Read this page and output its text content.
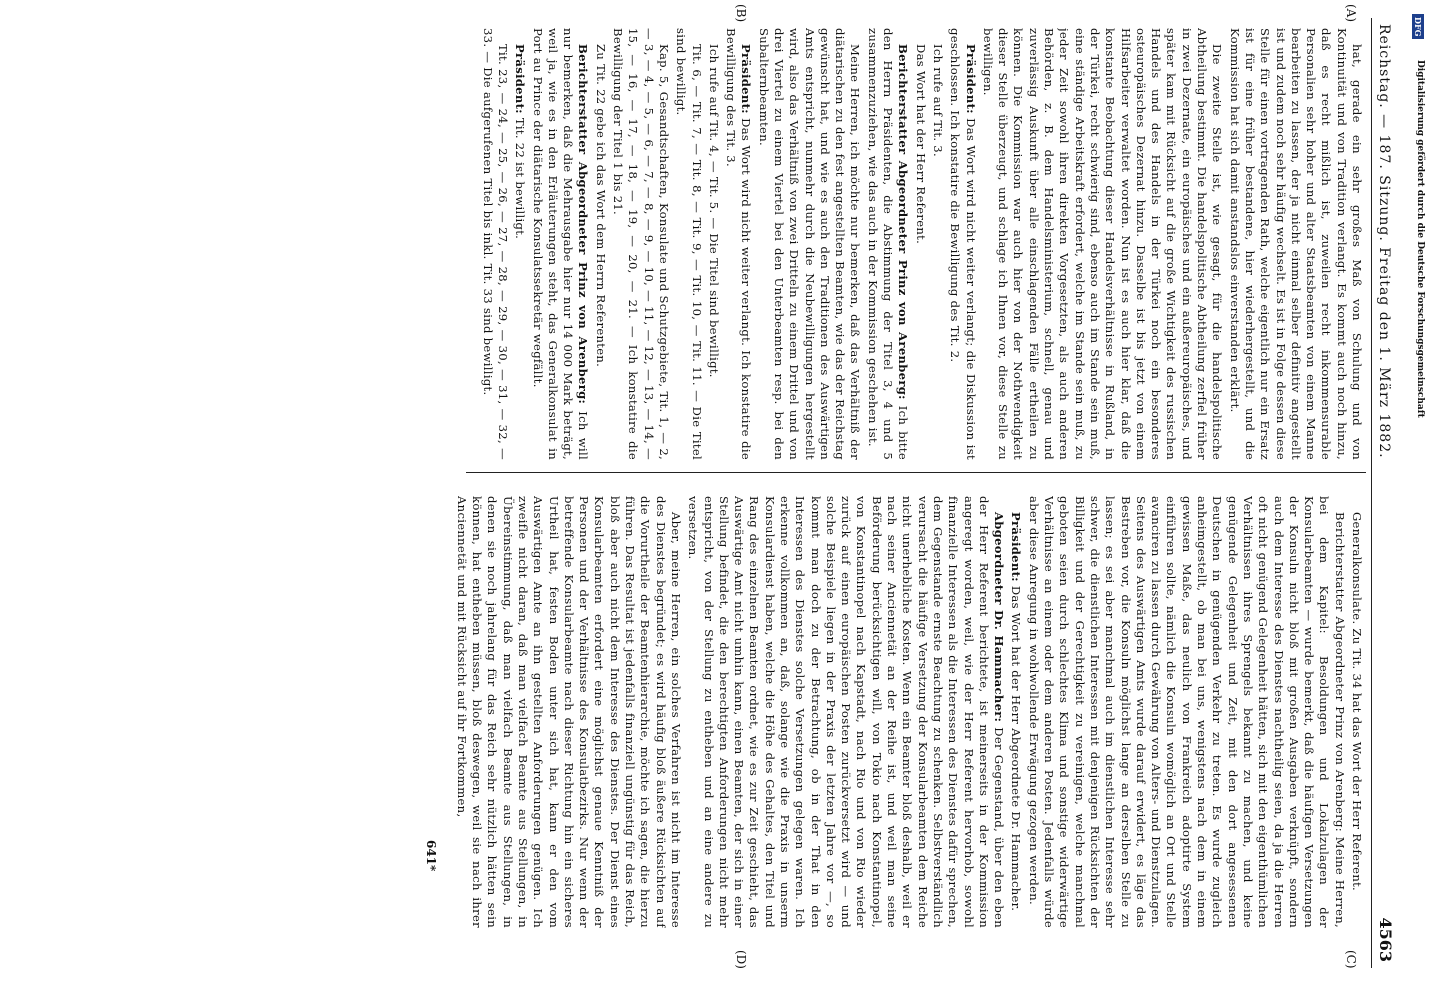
Reichstag. — 187. Sitzung. Freitag den 1. März 1882.
4563
(A)
(B)
(C)
(D)

hat, gerade ein sehr großes Maß von Schulung und von Kontinuität und von Tradition verlangt. Es kommt auch noch hinzu, daß es recht mißlich ist, zuweilen recht inkommensurable Personalien sehr hoher und alter Staatsbeamten von einem Manne bearbeiten zu lassen, der ja nicht einmal selber definitiv angestellt ist und zudem noch sehr häufig wechselt. Es ist in Folge dessen diese Stelle für einen vortragenden Rath, welche eigentlich nur ein Ersatz ist für eine früher bestandene, hier wiederhergestellt, und die Kommission hat sich damit anstandslos einverstanden erklärt.

Die zweite Stelle ist, wie gesagt, für die handelspolitische Abtheilung bestimmt. Die handelspolitische Abtheilung zerfiel früher in zwei Dezernate, ein europäisches und ein außereuropäisches, und später kam mit Rücksicht auf die große Wichtigkeit des russischen Handels und des Handels in der Türkei noch ein besonderes osteuropäisches Dezernat hinzu. Dasselbe ist bis jetzt von einem Hilfsarbeiter verwaltet worden. Nun ist es auch hier klar, daß die konstante Beobachtung dieser Handelsverhältnisse in Rußland, in der Türkei, recht schwierig sind, ebenso auch im Stande sein muß, eine ständige Arbeitskraft erfordert, welche im Stande sein muß, zu jeder Zeit sowohl ihren direkten Vorgesetzten, als auch anderen Behörden, z. B. dem Handelsministerium, schnell, genau und zuverlässig Auskunft über alle einschlagenden Fälle ertheilen zu können. Die Kommission war auch hier von der Nothwendigkeit dieser Stelle überzeugt, und schlage ich Ihnen vor, diese Stelle zu bewilligen.

Präsident: Das Wort wird nicht weiter verlangt; die Diskussion ist geschlossen. Ich konstatire die Bewilligung des Tit. 2.

Ich rufe auf Tit. 3.

Das Wort hat der Herr Referent.

Berichterstatter Abgeordneter Prinz von Arenberg: Ich bitte den Herrn Präsidenten, die Abstimmung der Titel 3, 4 und 5 zusammenzuziehen, wie das auch in der Kommission geschehen ist.

Meine Herren, ich möchte nur bemerken, daß das Verhältniß der diätarischen zu den fest angestellten Beamten, wie das der Reichstag gewünscht hat, und wie es auch den Traditionen des Auswärtigen Amts entspricht, nunmehr durch die Neubewilligungen hergestellt wird, also das Verhältniß von zwei Dritteln zu einem Drittel und von drei Viertel zu einem Viertel bei den Unterbeamten resp. bei den Subalternbeamten.

Präsident: Das Wort wird nicht weiter verlangt. Ich konstatire die Bewilligung des Tit. 3.

Ich rufe auf Tit. 4, — Tit. 5. — Die Titel sind bewilligt.

Tit. 6, — Tit. 7, — Tit. 8, — Tit. 9, — Tit. 10, — Tit. 11. — Die Titel sind bewilligt.

Kap. 5, Gesandtschaften, Konsulate und Schutzgebiete, Tit. 1, — 2, — 3, — 4, — 5, — 6, — 7, — 8, — 9, — 10, — 11, — 12, — 13, — 14, — 15, — 16, — 17, — 18, — 19, — 20, — 21. — Ich konstatire die Bewilligung der Titel 1 bis 21.

Zu Tit. 22 gebe ich das Wort dem Herrn Referenten.

Berichterstatter Abgeordneter Prinz von Arenberg: Ich will nur bemerken, daß die Mehrausgabe hier nur 14 000 Mark beträgt, weil ja, wie es in den Erläuterungen steht, das Generalkonsulat in Port au Prince der diätarische Konsulatssekretär wegfällt.

Präsident: Tit. 22 ist bewilligt.

Tit. 23, — 24, — 25, — 26, — 27, — 28, — 29, — 30, — 31, — 32, — 33. — Die aufgerufenen Titel bis inkl. Tit. 33 sind bewilligt.

Generalkonsulate. Zu Tit. 34 hat das Wort der Herr Referent.

Berichterstatter Abgeordneter Prinz von Arenberg: Meine Herren, bei dem Kapitel: Besoldungen und Lokalzulagen der Konsularbeamten — wurde bemerkt, daß die häufigen Versetzungen der Konsuln nicht bloß mit großen Ausgaben verknüpft, sondern auch dem Interesse des Dienstes nachtheilig seien, da ja die Herren oft nicht genügend Gelegenheit hätten, sich mit den eigenthümlichen Verhältnissen ihres Sprengels bekannt zu machen, und keine genügende Gelegenheit und Zeit, mit den dort angesessenen Deutschen in genügenden Verkehr zu treten. Es wurde zugleich anheimgestellt, ob man bei uns, wenigstens nach dem in einem gewissen Maße, das neulich von Frankreich adoptirte System einführen sollte, nämlich die Konsuln womöglich an Ort und Stelle avanciren zu lassen durch Gewährung von Alters- und Dienstzulagen. Seitens des Auswärtigen Amts wurde darauf erwidert, es läge das Bestreben vor, die Konsuln möglichst lange an derselben Stelle zu lassen; es sei aber manchmal auch im dienstlichen Interesse sehr schwer, die dienstlichen Interessen mit denjenigen Rücksichten der Billigkeit und der Gerechtigkeit zu vereinigen, welche manchmal geboten seien durch schlechtes Klima und sonstige widerwärtige Verhältnisse an einem oder dem anderen Posten. Jedenfalls würde aber diese Anregung in wohlwollende Erwägung gezogen werden.

Präsident: Das Wort hat der Herr Abgeordnete Dr. Hammacher.

Abgeordneter Dr. Hammacher: Der Gegenstand, über den eben der Herr Referent berichtete, ist meinerseits in der Kommission angeregt worden, weil, wie der Herr Referent hervorhob, sowohl finanzielle Interessen als die Interessen des Dienstes dafür sprechen, dem Gegenstande ernste Beachtung zu schenken. Selbstverständlich verursacht die häufige Versetzung der Konsularbeamten dem Reiche nicht unerhebliche Kosten. Wenn ein Beamter bloß deshalb, weil er nach seiner Anciennetät an der Reihe ist, und weil man seine Beförderung berücksichtigen will, von Tokio nach Konstantinopel, von Konstantinopel nach Kapstadt, nach Rio und von Rio wieder zurück auf einen europäischen Posten zurückversetzt wird — und solche Beispiele liegen in der Praxis der letzten Jahre vor —, so kommt man doch zu der Betrachtung, ob in der That in den Interessen des Dienstes solche Versetzungen gelegen waren. Ich erkenne vollkommen an, daß, solange wie die Praxis in unserm Konsulardienst haben, welche die Höhe des Gehaltes, den Titel und Rang des einzelnen Beamten ordnet, wie es zur Zeit geschieht, das Auswärtige Amt nicht umhin kann, einen Beamten, der sich in einer Stellung befindet, die den berechtigten Anforderungen nicht mehr entspricht, von der Stellung zu entheben und an eine andere zu versetzen.

Aber, meine Herren, ein solches Verfahren ist nicht im Interesse des Dienstes begründet; es wird häufig bloß äußere Rücksichten auf die Vorurtheile der Beamtenhierarchie, möchte ich sagen, die hierzu führen. Das Resultat ist jedenfalls finanziell ungünstig für das Reich, bloß aber auch nicht dem Interesse des Dienstes. Der Dienst eines Konsularbeamten erfordert eine möglichst genaue Kenntniß der Personen und der Verhältnisse des Konsulatbezirks. Nur wenn der betreffende Konsularbeamte nach dieser Richtung hin ein sicheres Urtheil hat, festen Boden unter sich hat, kann er den vom Auswärtigen Amte an ihn gestellten Anforderungen genügen. Ich zweifle nicht daran, daß man vielfach Beamte aus Stellungen, in Übereinstimmung, daß man vielfach Beamte aus Stellungen, in denen sie noch jahrelang für das Reich sehr nützlich hätten sein können, hat entheben müssen, bloß deswegen, weil sie nach ihrer Anciennetät und mit Rücksicht auf ihr Fortkommen,

641*
DFG
Digitalisierung gefördert durch die Deutsche Forschungsgemeinschaft
